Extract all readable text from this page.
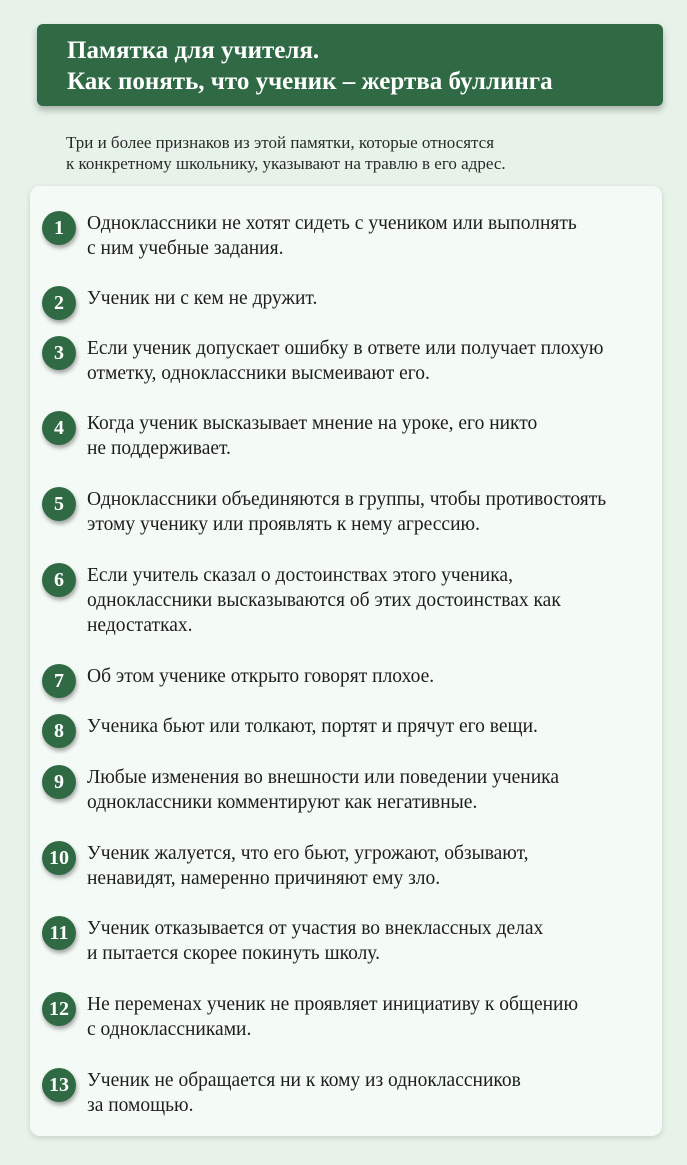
Памятка для учителя.
Как понять, что ученик – жертва буллинга
Три и более признаков из этой памятки, которые относятся
к конкретному школьнику, указывают на травлю в его адрес.
1	Одноклассники не хотят сидеть с учеником или выполнять
с ним учебные задания.
2	Ученик ни с кем не дружит.
3	Если ученик допускает ошибку в ответе или получает плохую
отметку, одноклассники высмеивают его.
4	Когда ученик высказывает мнение на уроке, его никто
не поддерживает.
5	Одноклассники объединяются в группы, чтобы противостоять
этому ученику или проявлять к нему агрессию.
6	Если учитель сказал о достоинствах этого ученика,
одноклассники высказываются об этих достоинствах как
недостатках.
7	Об этом ученике открыто говорят плохое.
8	Ученика бьют или толкают, портят и прячут его вещи.
9	Любые изменения во внешности или поведении ученика
одноклассники комментируют как негативные.
10 Ученик жалуется, что его бьют, угрожают, обзывают,
ненавидят, намеренно причиняют ему зло.
11 Ученик отказывается от участия во внеклассных делах
и пытается скорее покинуть школу.
12 Не переменах ученик не проявляет инициативу к общению
с одноклассниками.
13 Ученик не обращается ни к кому из одноклассников
за помощью.
